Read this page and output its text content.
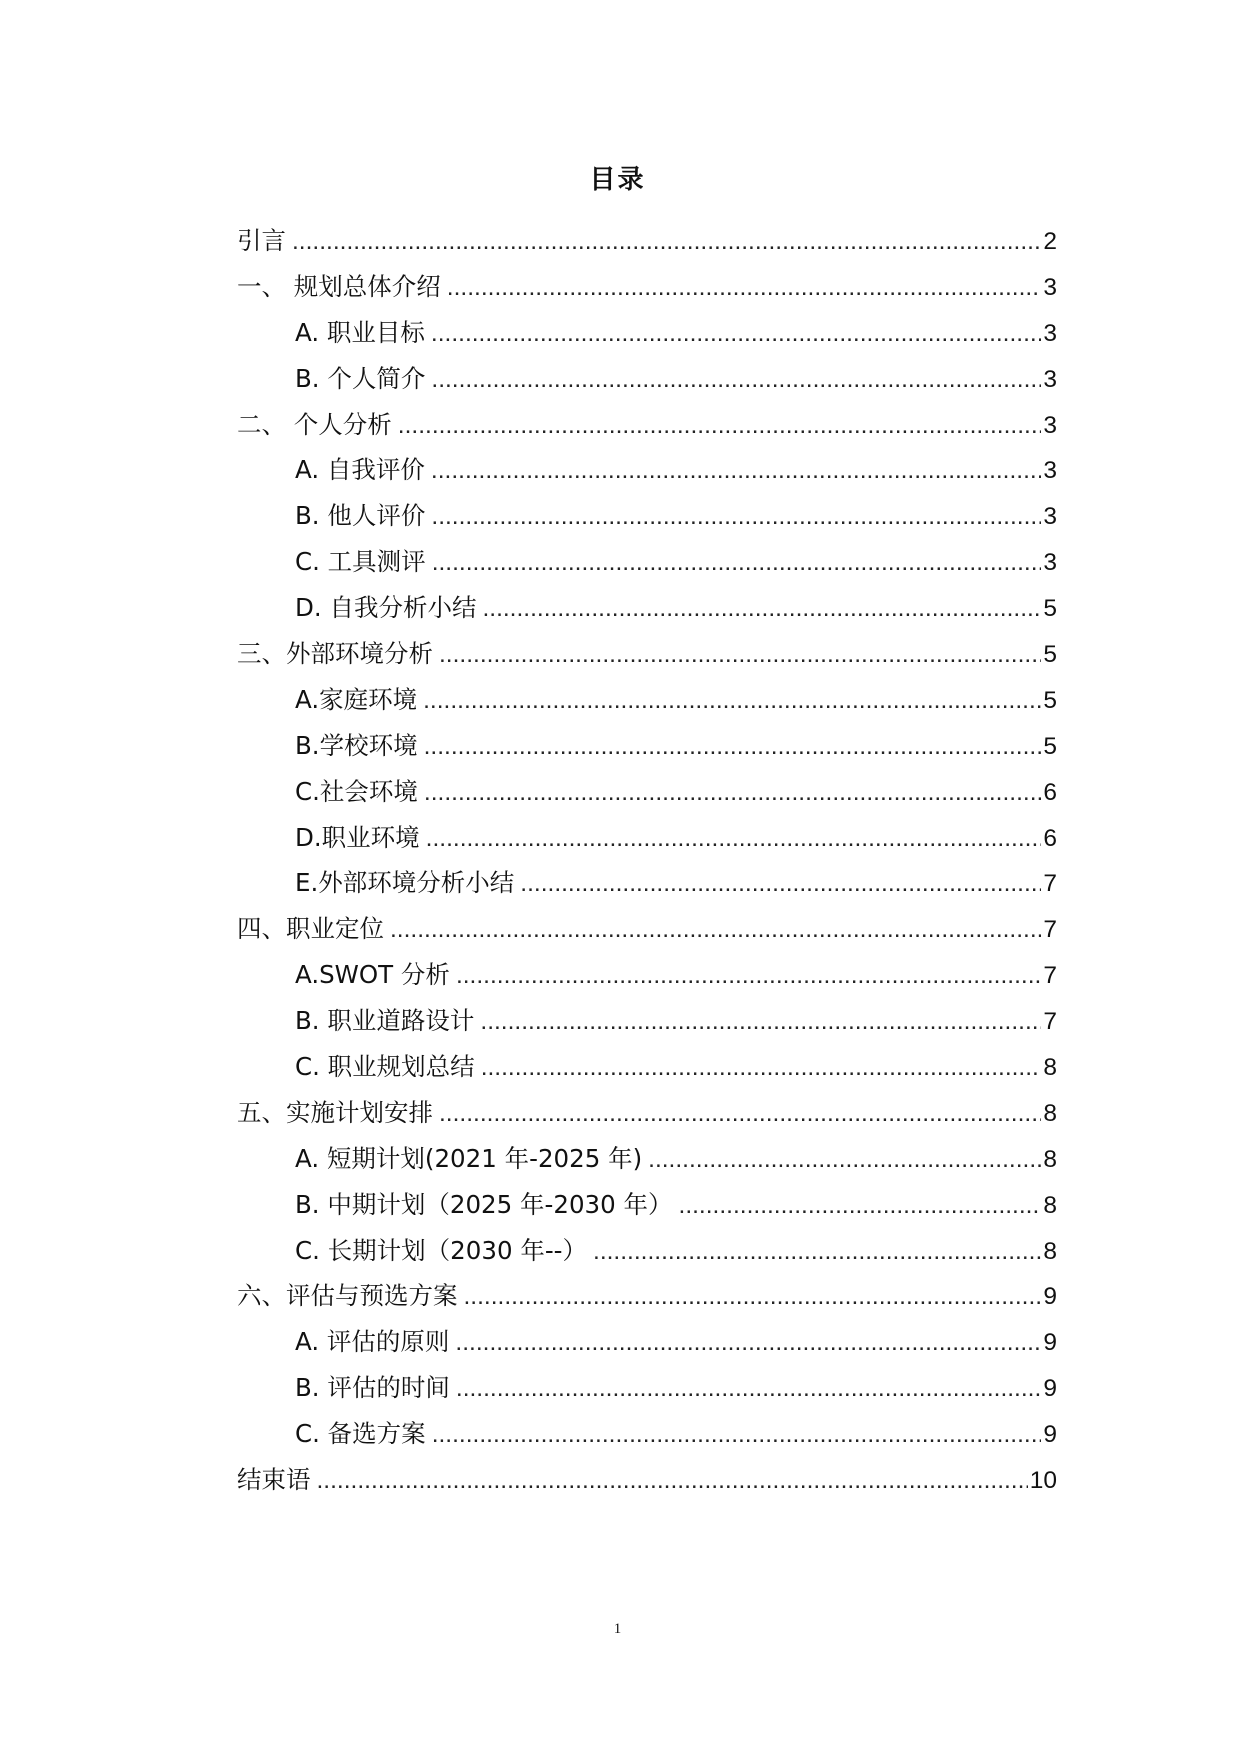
目录
引言 .....	2
一、 规划总体介绍 .....	3
A. 职业目标 .....	3
B. 个人简介 .....	3
二、 个人分析 .....	3
A. 自我评价 .....	3
B. 他人评价 .....	3
C. 工具测评 .....	3
D. 自我分析小结 .....	5
三、外部环境分析 .....	5
A.家庭环境 .....	5
B.学校环境 .....	5
C.社会环境 .....	6
D.职业环境 .....	6
E.外部环境分析小结 .....	7
四、职业定位 .....	7
A.SWOT 分析 .....	7
B. 职业道路设计 .....	7
C. 职业规划总结 .....	8
五、实施计划安排 .....	8
A. 短期计划(2021 年-2025 年) .....	8
B. 中期计划（2025 年-2030 年） .....	8
C. 长期计划（2030 年--） .....	8
六、评估与预选方案 .....	9
A. 评估的原则 .....	9
B. 评估的时间 .....	9
C. 备选方案 .....	9
结束语 .....	10
1
